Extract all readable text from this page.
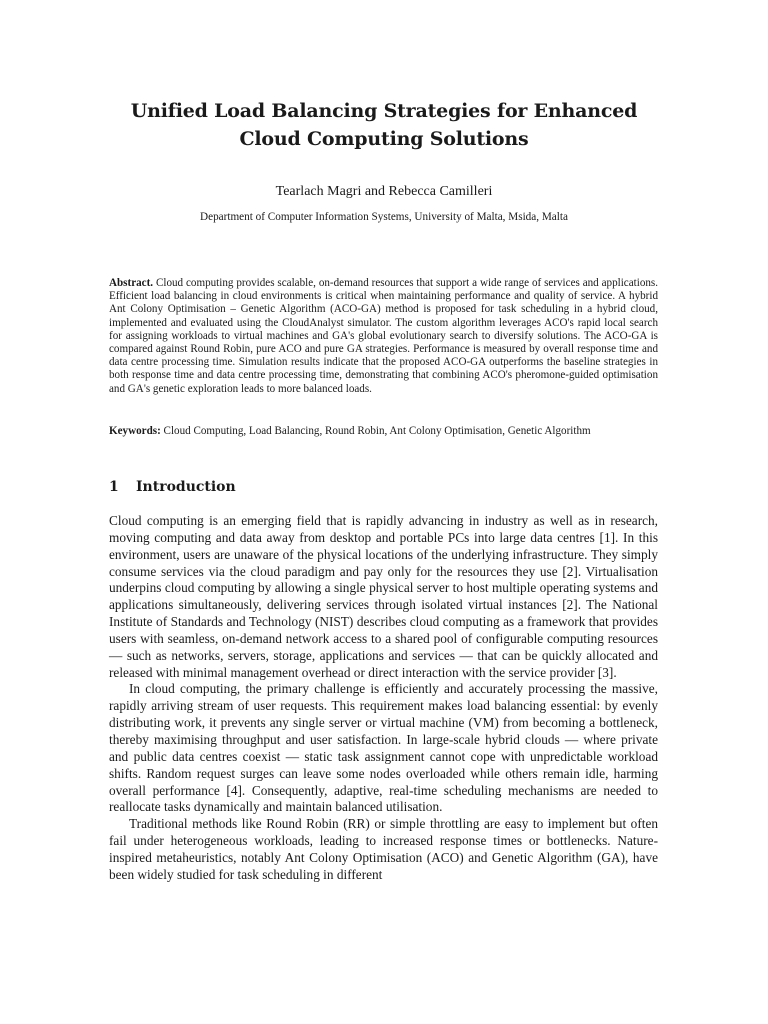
Unified Load Balancing Strategies for Enhanced
Cloud Computing Solutions
Tearlach Magri and Rebecca Camilleri
Department of Computer Information Systems, University of Malta, Msida, Malta
Abstract. Cloud computing provides scalable, on-demand resources that support a wide range of services and applications. Efficient load balancing in cloud environments is critical when maintaining performance and quality of service. A hybrid Ant Colony Optimisation – Genetic Algorithm (ACO-GA) method is proposed for task scheduling in a hybrid cloud, implemented and evaluated using the CloudAnalyst simulator. The custom algorithm leverages ACO's rapid local search for assigning workloads to virtual machines and GA's global evolutionary search to diversify solutions. The ACO-GA is compared against Round Robin, pure ACO and pure GA strategies. Performance is measured by overall response time and data centre processing time. Simulation results indicate that the proposed ACO-GA outperforms the baseline strategies in both response time and data centre processing time, demonstrating that combining ACO's pheromone-guided optimisation and GA's genetic exploration leads to more balanced loads.
Keywords: Cloud Computing, Load Balancing, Round Robin, Ant Colony Optimisation, Genetic Algorithm
1 Introduction

Cloud computing is an emerging field that is rapidly advancing in industry as well as in research, moving computing and data away from desktop and portable PCs into large data centres [1]. In this environment, users are unaware of the physical locations of the underlying infrastructure. They simply consume services via the cloud paradigm and pay only for the resources they use [2]. Virtualisation underpins cloud computing by allowing a single physical server to host multiple operating systems and applications simultaneously, delivering services through isolated virtual instances [2]. The National Institute of Standards and Technology (NIST) describes cloud computing as a framework that provides users with seamless, on-demand network access to a shared pool of configurable computing resources — such as networks, servers, storage, applications and services — that can be quickly allocated and released with minimal management overhead or direct interaction with the service provider [3].

In cloud computing, the primary challenge is efficiently and accurately processing the massive, rapidly arriving stream of user requests. This requirement makes load balancing essential: by evenly distributing work, it prevents any single server or virtual machine (VM) from becoming a bottleneck, thereby maximising throughput and user satisfaction. In large-scale hybrid clouds — where private and public data centres coexist — static task assignment cannot cope with unpredictable workload shifts. Random request surges can leave some nodes overloaded while others remain idle, harming overall performance [4]. Consequently, adaptive, real-time scheduling mechanisms are needed to reallocate tasks dynamically and maintain balanced utilisation.

Traditional methods like Round Robin (RR) or simple throttling are easy to implement but often fail under heterogeneous workloads, leading to increased response times or bottlenecks. Nature-inspired metaheuristics, notably Ant Colony Optimisation (ACO) and Genetic Algorithm (GA), have been widely studied for task scheduling in different
